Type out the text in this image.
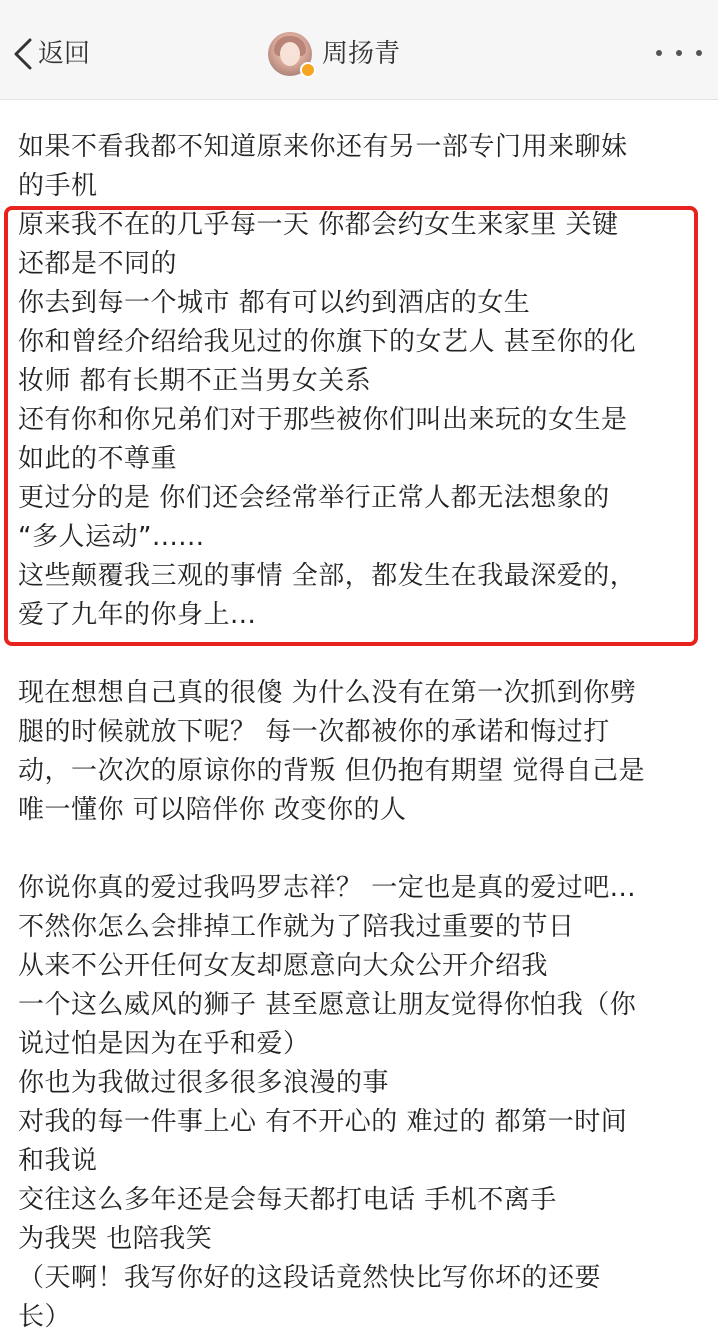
返回	周扬青
如果不看我都不知道原来你还有另一部专门用来聊妹
的手机
原来我不在的几乎每一天 你都会约女生来家里 关键
还都是不同的
你去到每一个城市 都有可以约到酒店的女生
你和曾经介绍给我见过的你旗下的女艺人 甚至你的化
妆师 都有长期不正当男女关系
还有你和你兄弟们对于那些被你们叫出来玩的女生是
如此的不尊重
更过分的是 你们还会经常举行正常人都无法想象的
“多人运动”......
这些颠覆我三观的事情 全部，都发生在我最深爱的，
爱了九年的你身上...
现在想想自己真的很傻 为什么没有在第一次抓到你劈
腿的时候就放下呢？ 每一次都被你的承诺和悔过打
动，一次次的原谅你的背叛 但仍抱有期望 觉得自己是
唯一懂你 可以陪伴你 改变你的人
你说你真的爱过我吗罗志祥？ 一定也是真的爱过吧...
不然你怎么会排掉工作就为了陪我过重要的节日
从来不公开任何女友却愿意向大众公开介绍我
一个这么威风的狮子 甚至愿意让朋友觉得你怕我（你
说过怕是因为在乎和爱）
你也为我做过很多很多浪漫的事
对我的每一件事上心 有不开心的 难过的 都第一时间
和我说
交往这么多年还是会每天都打电话 手机不离手
为我哭 也陪我笑
（天啊！我写你好的这段话竟然快比写你坏的还要
长）
